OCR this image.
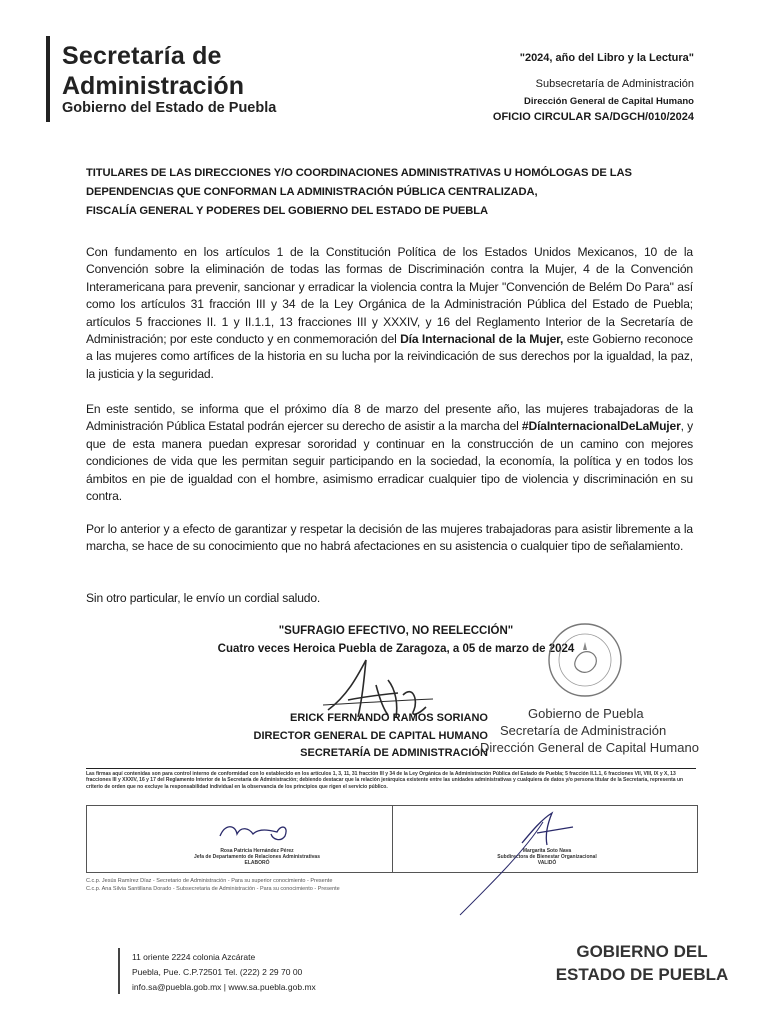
Secretaría de
Administración
Gobierno del Estado de Puebla
"2024, año del Libro y la Lectura"
Subsecretaría de Administración
Dirección General de Capital Humano
OFICIO CIRCULAR SA/DGCH/010/2024
TITULARES DE LAS DIRECCIONES Y/O COORDINACIONES ADMINISTRATIVAS U HOMÓLOGAS DE LAS
DEPENDENCIAS QUE CONFORMAN LA ADMINISTRACIÓN PÚBLICA CENTRALIZADA,
FISCALÍA GENERAL Y PODERES DEL GOBIERNO DEL ESTADO DE PUEBLA
Con fundamento en los artículos 1 de la Constitución Política de los Estados Unidos Mexicanos, 10 de la Convención sobre la eliminación de todas las formas de Discriminación contra la Mujer, 4 de la Convención Interamericana para prevenir, sancionar y erradicar la violencia contra la Mujer "Convención de Belém Do Para" así como los artículos 31 fracción III y 34 de la Ley Orgánica de la Administración Pública del Estado de Puebla; artículos 5 fracciones II. 1 y II.1.1, 13 fracciones III y XXXIV, y 16 del Reglamento Interior de la Secretaría de Administración; por este conducto y en conmemoración del Día Internacional de la Mujer, este Gobierno reconoce a las mujeres como artífices de la historia en su lucha por la reivindicación de sus derechos por la igualdad, la paz, la justicia y la seguridad.
En este sentido, se informa que el próximo día 8 de marzo del presente año, las mujeres trabajadoras de la Administración Pública Estatal podrán ejercer su derecho de asistir a la marcha del #DíaInternacionalDeLaMujer, y que de esta manera puedan expresar sororidad y continuar en la construcción de un camino con mejores condiciones de vida que les permitan seguir participando en la sociedad, la economía, la política y en todos los ámbitos en pie de igualdad con el hombre, asimismo erradicar cualquier tipo de violencia y discriminación en su contra.
Por lo anterior y a efecto de garantizar y respetar la decisión de las mujeres trabajadoras para asistir libremente a la marcha, se hace de su conocimiento que no habrá afectaciones en su asistencia o cualquier tipo de señalamiento.
Sin otro particular, le envío un cordial saludo.
"SUFRAGIO EFECTIVO, NO REELECCIÓN"
Cuatro veces Heroica Puebla de Zaragoza, a 05 de marzo de 2024
ERICK FERNANDO RAMOS SORIANO
DIRECTOR GENERAL DE CAPITAL HUMANO
SECRETARÍA DE ADMINISTRACIÓN
Gobierno de Puebla
Secretaría de Administración
Dirección General de Capital Humano
Las firmas aquí contenidas son para control interno de conformidad con lo establecido en los artículos 1, 3, 11, 31 fracción III y 34 de la Ley Orgánica de la Administración Pública del Estado de Puebla; 5 fracción II.1.1, 6 fracciones VII, VIII, IX y X, 13 fracciones III y XXXIV, 16 y 17 del Reglamento Interior de la Secretaría de Administración; debiendo destacar que la relación jerárquica existente entre las unidades administrativas y cualquiera de datos y/o persona titular de la Secretaría, representa un criterio de orden que no excluye la responsabilidad individual en la observancia de los principios que rigen el servicio público.
Rosa Patricia Hernández Pérez
Jefa de Departamento de Relaciones Administrativas
ELABORÓ
Margarita Soto Nava
Subdirectora de Bienestar Organizacional
VALIDÓ
C.c.p. Jesús Ramírez Díaz - Secretario de Administración - Para su superior conocimiento - Presente
C.c.p. Ana Silvia Santillana Dorado - Subsecretaria de Administración - Para su conocimiento - Presente
11 oriente 2224 colonia Azcárate
Puebla, Pue. C.P.72501 Tel. (222) 2 29 70 00
info.sa@puebla.gob.mx | www.sa.puebla.gob.mx
GOBIERNO DEL
ESTADO DE PUEBLA
